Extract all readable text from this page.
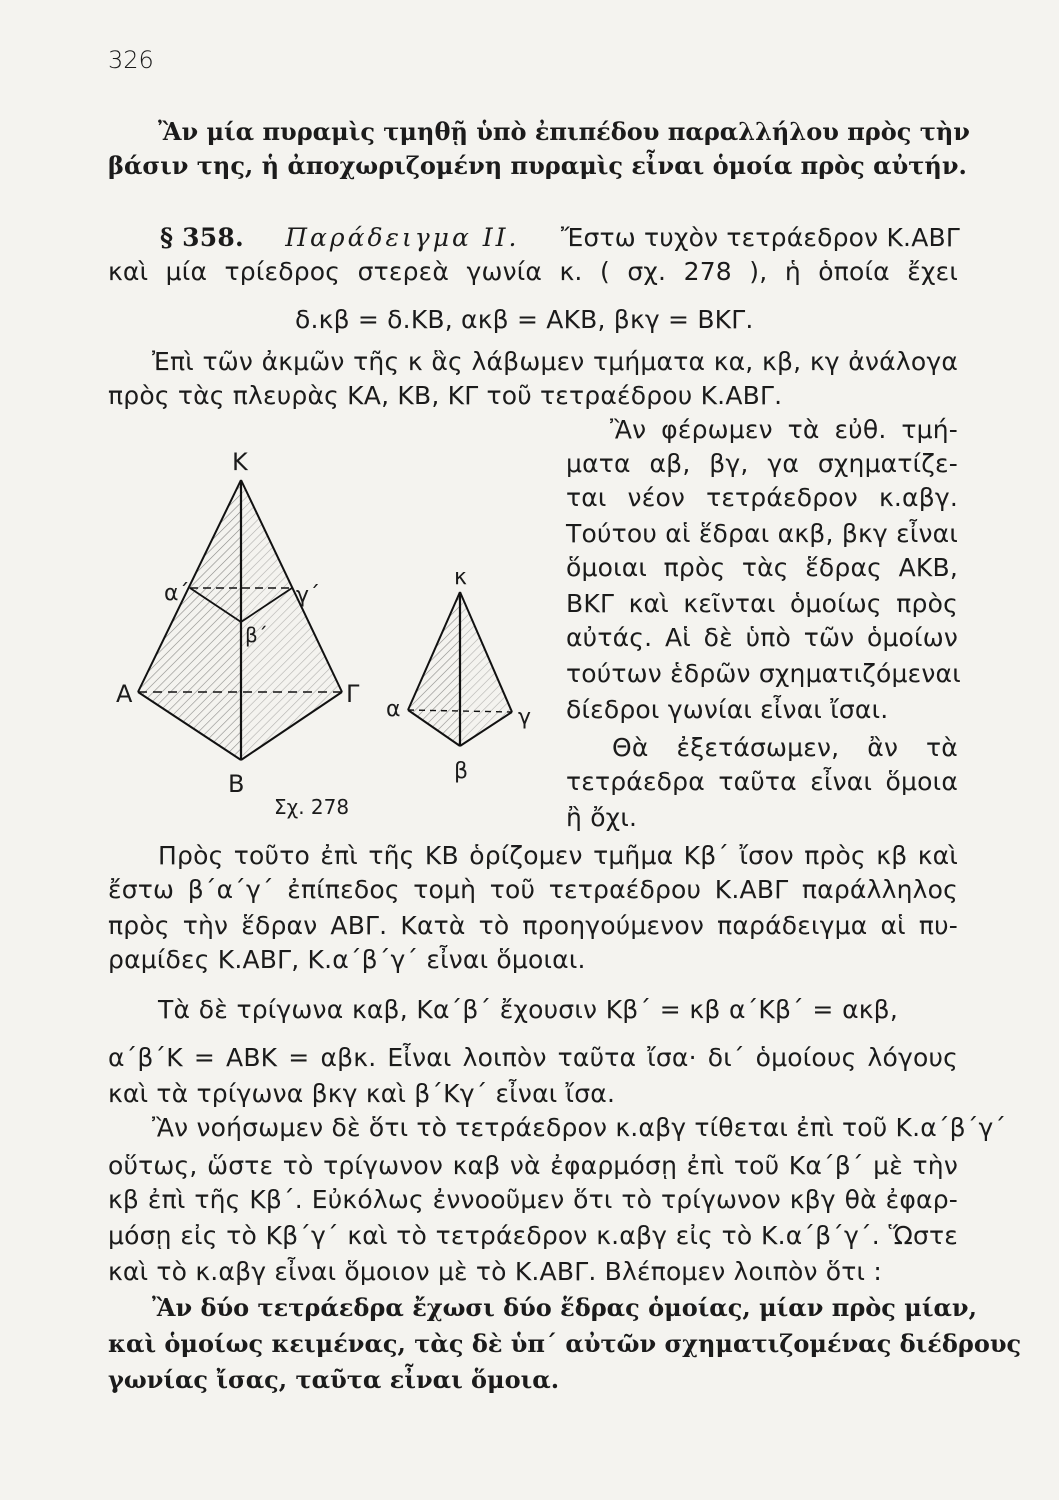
326
Ἂν μία πυραμὶς τμηθῇ ὑπὸ ἐπιπέδου παραλλήλου πρὸς τὴν
βάσιν της, ἡ ἀποχωριζομένη πυραμὶς εἶναι ὁμοία πρὸς αὐτήν.
§ 358. Παράδειγμα ΙΙ. Ἔστω τυχὸν τετράεδρον Κ.ΑΒΓ
καὶ μία τρίεδρος στερεὰ γωνία κ. ( σχ. 278 ), ἡ ὁποία ἔχει
δ.κβ = δ.ΚΒ, ακβ = ΑΚΒ, βκγ = ΒΚΓ.
Ἐπὶ τῶν ἀκμῶν τῆς κ ἃς λάβωμεν τμήματα κα, κβ, κγ ἀνάλογα
πρὸς τὰς πλευρὰς ΚΑ, ΚΒ, ΚΓ τοῦ τετραέδρου Κ.ΑΒΓ.
Ἂν φέρωμεν τὰ εὐθ. τμή-
ματα αβ, βγ, γα σχηματίζε-
ται νέον τετράεδρον κ.αβγ.
Τούτου αἱ ἕδραι ακβ, βκγ εἶναι
ὅμοιαι πρὸς τὰς ἕδρας ΑΚΒ,
ΒΚΓ καὶ κεῖνται ὁμοίως πρὸς
αὐτάς. Αἱ δὲ ὑπὸ τῶν ὁμοίων
τούτων ἑδρῶν σχηματιζόμεναι
δίεδροι γωνίαι εἶναι ἴσαι.
Θὰ ἐξετάσωμεν, ἂν τὰ
τετράεδρα ταῦτα εἶναι ὅμοια
ἢ ὄχι.
Κ
α΄	γ΄
β΄
Α	Γ
Β
κ
α	γ
β
Σχ. 278
Πρὸς τοῦτο ἐπὶ τῆς ΚΒ ὁρίζομεν τμῆμα Κβ΄ ἴσον πρὸς κβ καὶ
ἔστω β΄α΄γ΄ ἐπίπεδος τομὴ τοῦ τετραέδρου Κ.ΑΒΓ παράλληλος
πρὸς τὴν ἕδραν ΑΒΓ. Κατὰ τὸ προηγούμενον παράδειγμα αἱ πυ-
ραμίδες Κ.ΑΒΓ, Κ.α΄β΄γ΄ εἶναι ὅμοιαι.
Τὰ δὲ τρίγωνα καβ, Κα΄β΄ ἔχουσιν Κβ΄ = κβ α΄Κβ΄ = ακβ,
α΄β΄Κ = ΑΒΚ = αβκ. Εἶναι λοιπὸν ταῦτα ἴσα· δι΄ ὁμοίους λόγους
καὶ τὰ τρίγωνα βκγ καὶ β΄Κγ΄ εἶναι ἴσα.
Ἂν νοήσωμεν δὲ ὅτι τὸ τετράεδρον κ.αβγ τίθεται ἐπὶ τοῦ Κ.α΄β΄γ΄
οὕτως, ὥστε τὸ τρίγωνον καβ νὰ ἐφαρμόσῃ ἐπὶ τοῦ Κα΄β΄ μὲ τὴν
κβ ἐπὶ τῆς Κβ΄. Εὐκόλως ἐννοοῦμεν ὅτι τὸ τρίγωνον κβγ θὰ ἐφαρ-
μόσῃ εἰς τὸ Κβ΄γ΄ καὶ τὸ τετράεδρον κ.αβγ εἰς τὸ Κ.α΄β΄γ΄. Ὥστε
καὶ τὸ κ.αβγ εἶναι ὅμοιον μὲ τὸ Κ.ΑΒΓ. Βλέπομεν λοιπὸν ὅτι :
Ἂν δύο τετράεδρα ἔχωσι δύο ἕδρας ὁμοίας, μίαν πρὸς μίαν,
καὶ ὁμοίως κειμένας, τὰς δὲ ὑπ΄ αὐτῶν σχηματιζομένας διέδρους
γωνίας ἴσας, ταῦτα εἶναι ὅμοια.
